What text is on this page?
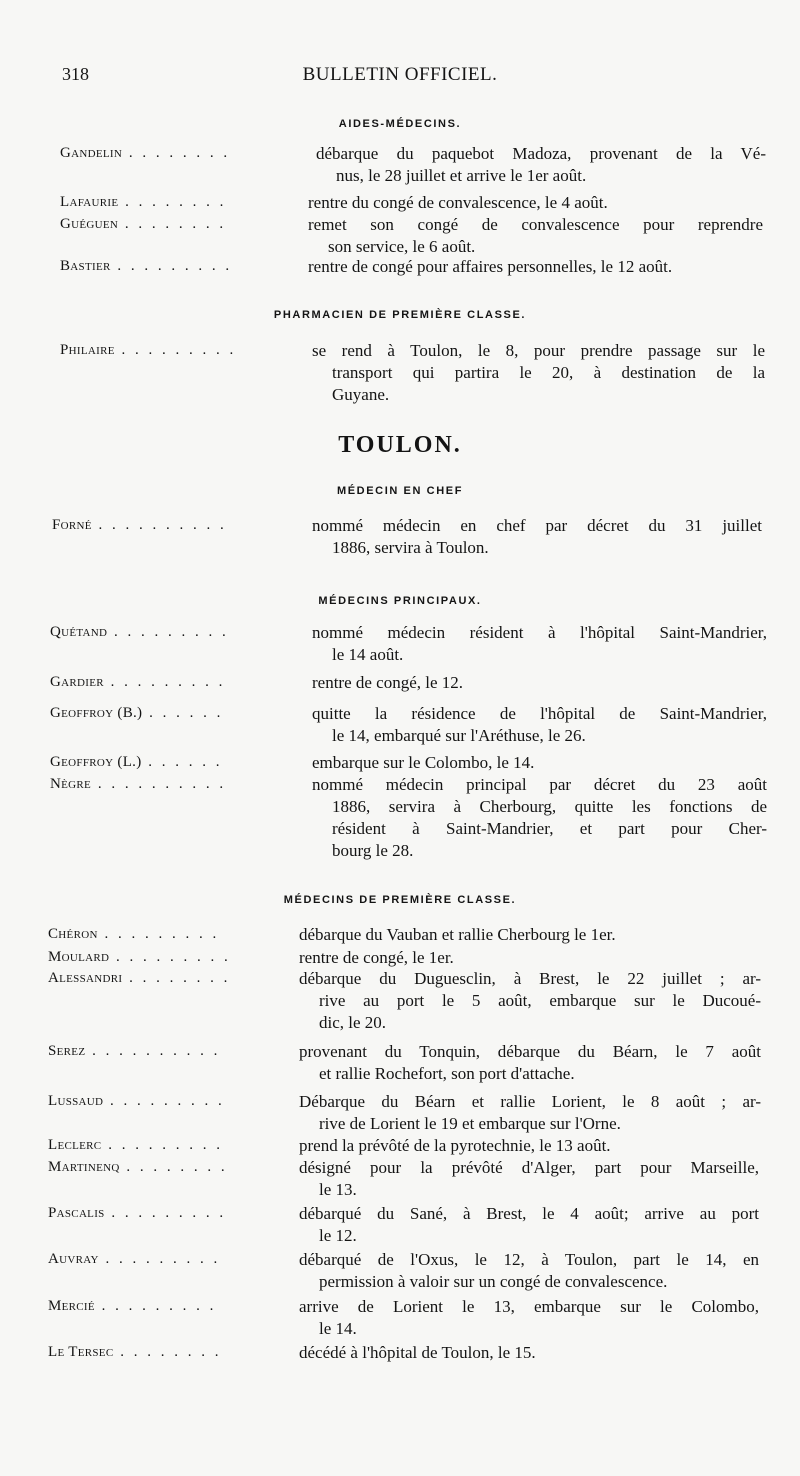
318	BULLETIN OFFICIEL.
AIDES-MÉDECINS.
PHARMACIEN DE PREMIÈRE CLASSE.
TOULON.
MÉDECIN EN CHEF
MÉDECINS PRINCIPAUX.
MÉDECINS DE PREMIÈRE CLASSE.
Gandelin . . . . . . . .	débarque du paquebot Madoza, provenant de la Vé-
nus, le 28 juillet et arrive le 1er août.
Lafaurie . . . . . . . .	rentre du congé de convalescence, le 4 août.
Guéguen . . . . . . . .	remet son congé de convalescence pour reprendre
son service, le 6 août.
Bastier . . . . . . . . .	rentre de congé pour affaires personnelles, le 12 août.
Philaire . . . . . . . . .	se rend à Toulon, le 8, pour prendre passage sur le
transport qui partira le 20, à destination de la
Guyane.
Forné . . . . . . . . . .	nommé médecin en chef par décret du 31 juillet
1886, servira à Toulon.
Quétand . . . . . . . . .	nommé médecin résident à l'hôpital Saint-Mandrier,
le 14 août.
Gardier . . . . . . . . .	rentre de congé, le 12.
Geoffroy (B.) . . . . . .	quitte la résidence de l'hôpital de Saint-Mandrier,
le 14, embarqué sur l'Aréthuse, le 26.
Geoffroy (L.) . . . . . .	embarque sur le Colombo, le 14.
Nègre . . . . . . . . . .	nommé médecin principal par décret du 23 août
1886, servira à Cherbourg, quitte les fonctions de
résident à Saint-Mandrier, et part pour Cher-
bourg le 28.
Chéron . . . . . . . . .	débarque du Vauban et rallie Cherbourg le 1er.
Moulard . . . . . . . . .	rentre de congé, le 1er.
Alessandri . . . . . . . .	débarque du Duguesclin, à Brest, le 22 juillet ; ar-
rive au port le 5 août, embarque sur le Ducoué-
dic, le 20.
Serez . . . . . . . . . .	provenant du Tonquin, débarque du Béarn, le 7 août
et rallie Rochefort, son port d'attache.
Lussaud . . . . . . . . .	Débarque du Béarn et rallie Lorient, le 8 août ; ar-
rive de Lorient le 19 et embarque sur l'Orne.
Leclerc . . . . . . . . .	prend la prévôté de la pyrotechnie, le 13 août.
Martinenq . . . . . . . .	désigné pour la prévôté d'Alger, part pour Marseille,
le 13.
Pascalis . . . . . . . . .	débarqué du Sané, à Brest, le 4 août; arrive au port
le 12.
Auvray . . . . . . . . .	débarqué de l'Oxus, le 12, à Toulon, part le 14, en
permission à valoir sur un congé de convalescence.
Mercié . . . . . . . . .	arrive de Lorient le 13, embarque sur le Colombo,
le 14.
Le Tersec . . . . . . . .	décédé à l'hôpital de Toulon, le 15.
